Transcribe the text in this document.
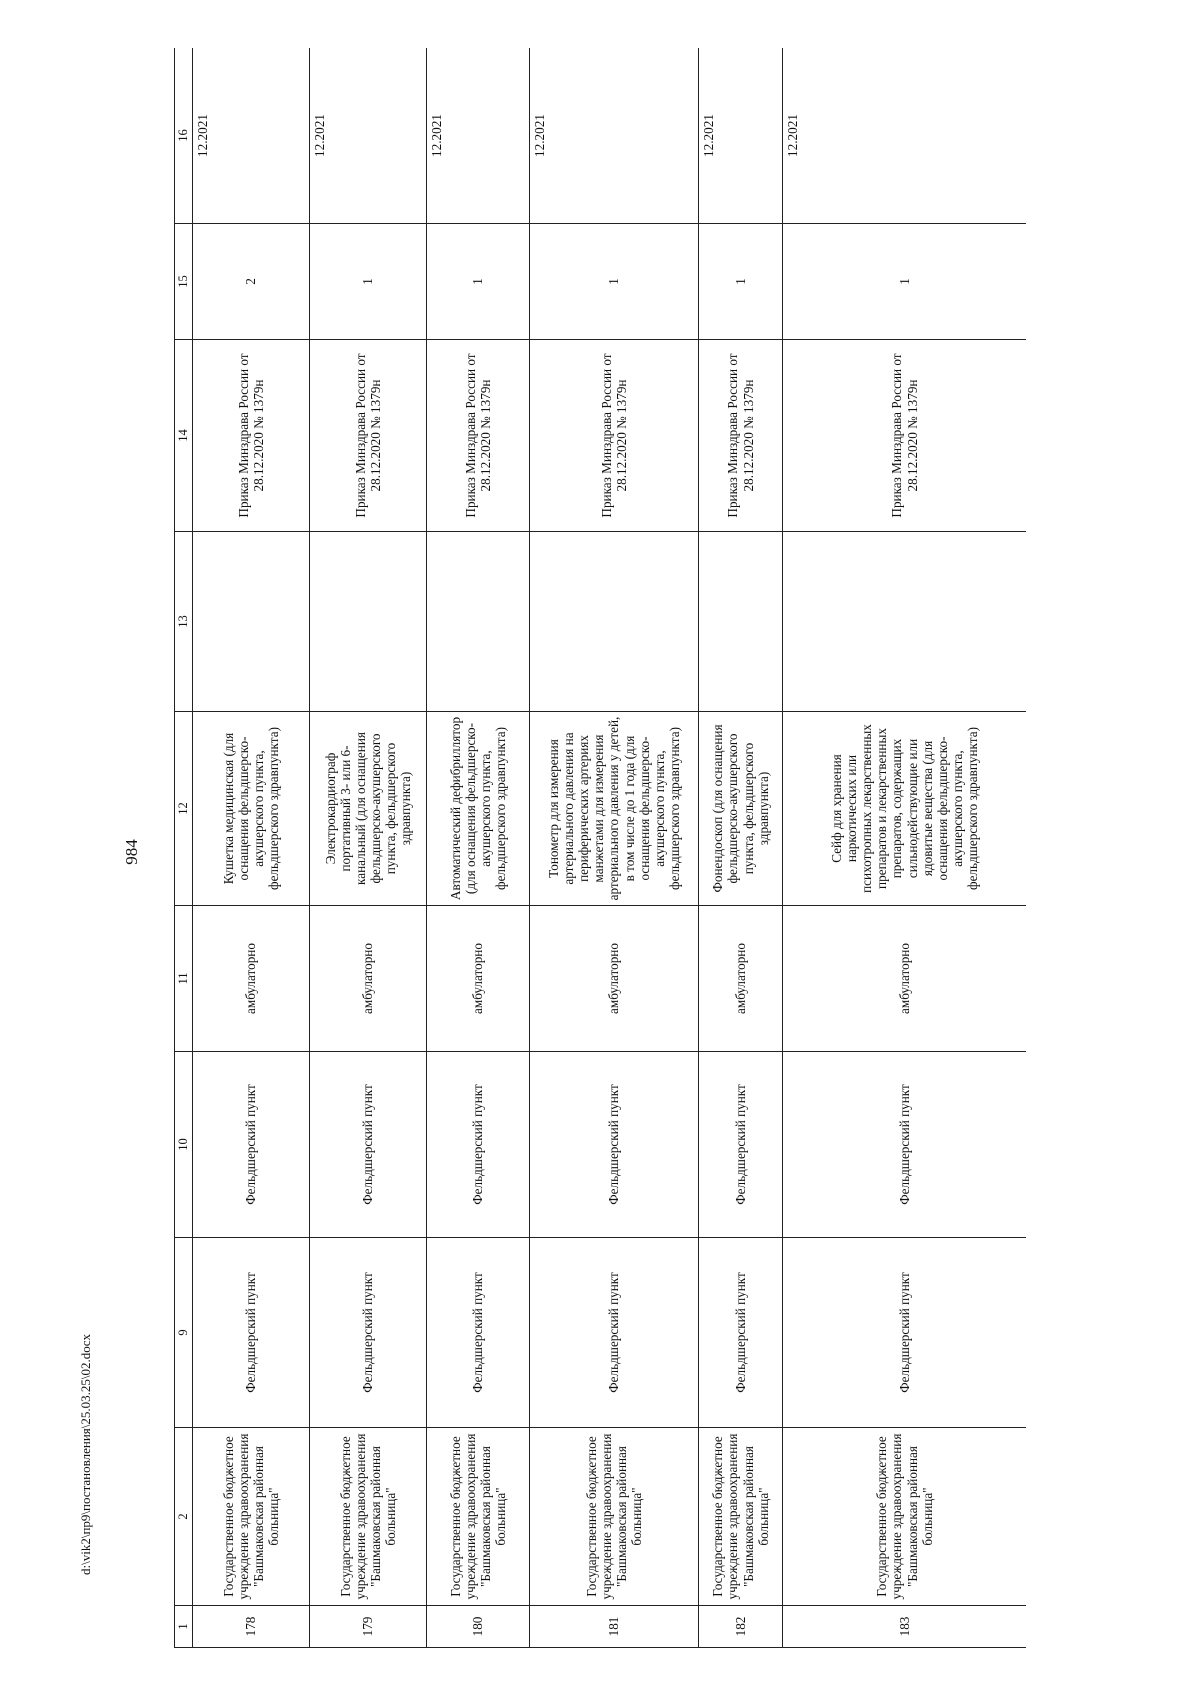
984
d:\vik2\пр9\постановления\25.03.25\02.docx
1	2	9	10	11	12	13	14	15	16
178	Государственное бюджетное учреждение здравоохранения "Башмаковская районная больница"	Фельдшерский пункт	Фельдшерский пункт	амбулаторно	Кушетка медицинская (для оснащения фельдшерско-акушерского пункта, фельдшерского здравпункта)		Приказ Минздрава России от 28.12.2020 № 1379н	2	12.2021
179	Государственное бюджетное учреждение здравоохранения "Башмаковская районная больница"	Фельдшерский пункт	Фельдшерский пункт	амбулаторно	Электрокардиограф портативный 3- или 6-канальный (для оснащения фельдшерско-акушерского пункта, фельдшерского здравпункта)		Приказ Минздрава России от 28.12.2020 № 1379н	1	12.2021
180	Государственное бюджетное учреждение здравоохранения "Башмаковская районная больница"	Фельдшерский пункт	Фельдшерский пункт	амбулаторно	Автоматический дефибриллятор (для оснащения фельдшерско-акушерского пункта, фельдшерского здравпункта)		Приказ Минздрава России от 28.12.2020 № 1379н	1	12.2021
181	Государственное бюджетное учреждение здравоохранения "Башмаковская районная больница"	Фельдшерский пункт	Фельдшерский пункт	амбулаторно	Тонометр для измерения артериального давления на периферических артериях манжетами для измерения артериального давления у детей, в том числе до 1 года (для оснащения фельдшерско-акушерского пункта, фельдшерского здравпункта)		Приказ Минздрава России от 28.12.2020 № 1379н	1	12.2021
182	Государственное бюджетное учреждение здравоохранения "Башмаковская районная больница"	Фельдшерский пункт	Фельдшерский пункт	амбулаторно	Фонендоскоп (для оснащения фельдшерско-акушерского пункта, фельдшерского здравпункта)		Приказ Минздрава России от 28.12.2020 № 1379н	1	12.2021
183	Государственное бюджетное учреждение здравоохранения "Башмаковская районная больница"	Фельдшерский пункт	Фельдшерский пункт	амбулаторно	Сейф для хранения наркотических или психотропных лекарственных препаратов и лекарственных препаратов, содержащих сильнодействующие или ядовитые вещества (для оснащения фельдшерско-акушерского пункта, фельдшерского здравпункта)		Приказ Минздрава России от 28.12.2020 № 1379н	1	12.2021
